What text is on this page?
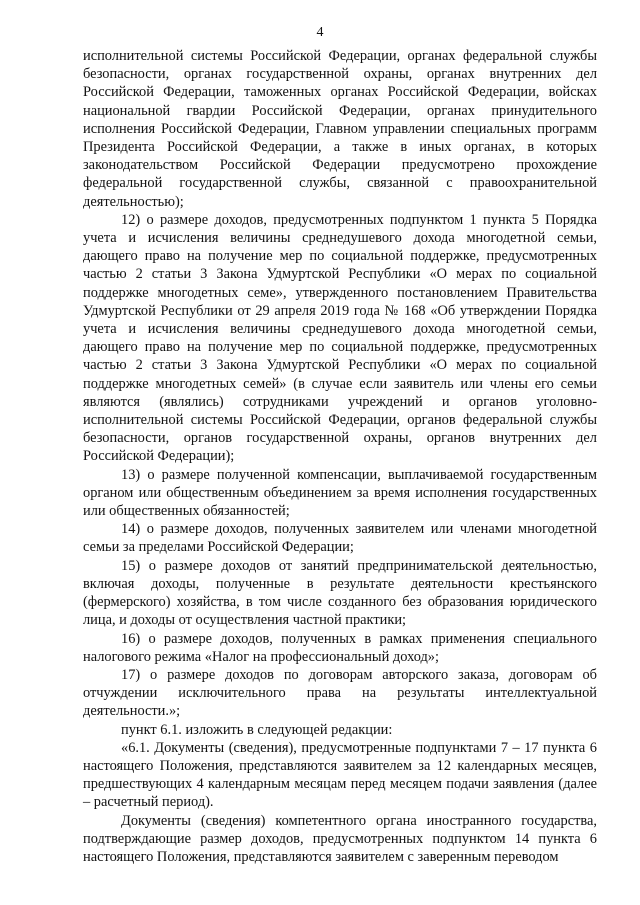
4

исполнительной системы Российской Федерации, органах федеральной службы безопасности, органах государственной охраны, органах внутренних дел Российской Федерации, таможенных органах Российской Федерации, войсках национальной гвардии Российской Федерации, органах принудительного исполнения Российской Федерации, Главном управлении специальных программ Президента Российской Федерации, а также в иных органах, в которых законодательством Российской Федерации предусмотрено прохождение федеральной государственной службы, связанной с правоохранительной деятельностью);

12) о размере доходов, предусмотренных подпунктом 1 пункта 5 Порядка учета и исчисления величины среднедушевого дохода многодетной семьи, дающего право на получение мер по социальной поддержке, предусмотренных частью 2 статьи 3 Закона Удмуртской Республики «О мерах по социальной поддержке многодетных семе», утвержденного постановлением Правительства Удмуртской Республики от 29 апреля 2019 года № 168 «Об утверждении Порядка учета и исчисления величины среднедушевого дохода многодетной семьи, дающего право на получение мер по социальной поддержке, предусмотренных частью 2 статьи 3 Закона Удмуртской Республики «О мерах по социальной поддержке многодетных семей» (в случае если заявитель или члены его семьи являются (являлись) сотрудниками учреждений и органов уголовно-исполнительной системы Российской Федерации, органов федеральной службы безопасности, органов государственной охраны, органов внутренних дел Российской Федерации);

13) о размере полученной компенсации, выплачиваемой государственным органом или общественным объединением за время исполнения государственных или общественных обязанностей;

14) о размере доходов, полученных заявителем или членами многодетной семьи за пределами Российской Федерации;

15) о размере доходов от занятий предпринимательской деятельностью, включая доходы, полученные в результате деятельности крестьянского (фермерского) хозяйства, в том числе созданного без образования юридического лица, и доходы от осуществления частной практики;

16) о размере доходов, полученных в рамках применения специального налогового режима «Налог на профессиональный доход»;

17) о размере доходов по договорам авторского заказа, договорам об отчуждении исключительного права на результаты интеллектуальной деятельности.»;

пункт 6.1. изложить в следующей редакции:

«6.1. Документы (сведения), предусмотренные подпунктами 7 – 17 пункта 6 настоящего Положения, представляются заявителем за 12 календарных месяцев, предшествующих 4 календарным месяцам перед месяцем подачи заявления (далее – расчетный период).

Документы (сведения) компетентного органа иностранного государства, подтверждающие размер доходов, предусмотренных подпунктом 14 пункта 6 настоящего Положения, представляются заявителем с заверенным переводом
